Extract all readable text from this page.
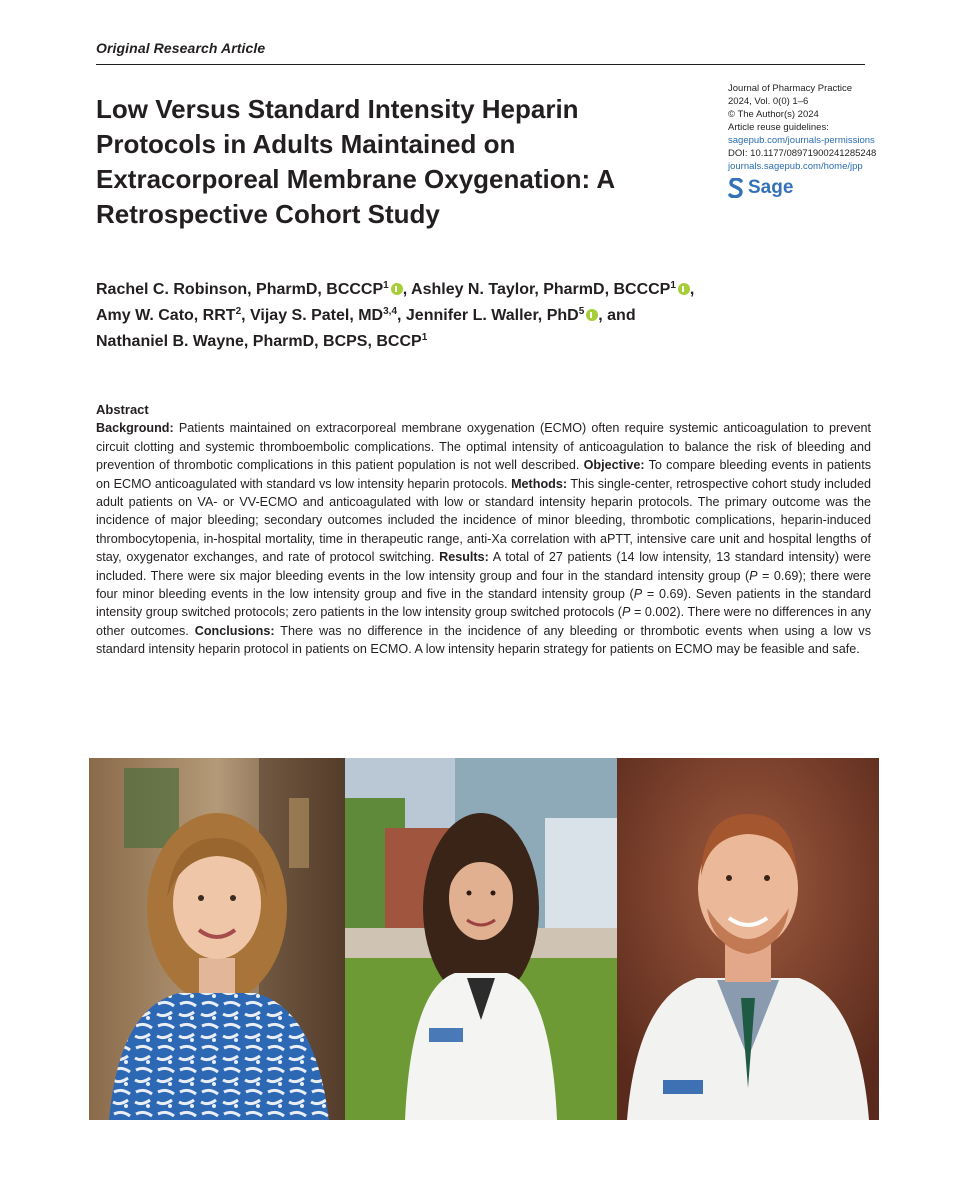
Original Research Article
Low Versus Standard Intensity Heparin
Protocols in Adults Maintained on
Extracorporeal Membrane Oxygenation: A
Retrospective Cohort Study
Journal of Pharmacy Practice
2024, Vol. 0(0) 1–6
© The Author(s) 2024
Article reuse guidelines:
sagepub.com/journals-permissions
DOI: 10.1177/08971900241285248
journals.sagepub.com/home/jpp
Sage
Rachel C. Robinson, PharmD, BCCCP$^1$ , Ashley N. Taylor, PharmD, BCCCP$^1$ ,
Amy W. Cato, RRT$^2$, Vijay S. Patel, MD$^{3,4}$, Jennifer L. Waller, PhD$^5$ , and
Nathaniel B. Wayne, PharmD, BCPS, BCCP$^1$
Abstract

Background: Patients maintained on extracorporeal membrane oxygenation (ECMO) often require systemic anticoagulation to prevent circuit clotting and systemic thromboembolic complications. The optimal intensity of anticoagulation to balance the risk of bleeding and prevention of thrombotic complications in this patient population is not well described. Objective: To compare bleeding events in patients on ECMO anticoagulated with standard vs low intensity heparin protocols. Methods: This single-center, retrospective cohort study included adult patients on VA- or VV-ECMO and anticoagulated with low or standard intensity heparin protocols. The primary outcome was the incidence of major bleeding; secondary outcomes included the incidence of minor bleeding, thrombotic complications, heparin-induced thrombocytopenia, in-hospital mortality, time in therapeutic range, anti-Xa correlation with aPTT, intensive care unit and hospital lengths of stay, oxygenator exchanges, and rate of protocol switching. Results: A total of 27 patients (14 low intensity, 13 standard intensity) were included. There were six major bleeding events in the low intensity group and four in the standard intensity group (P = 0.69); there were four minor bleeding events in the low intensity group and five in the standard intensity group (P = 0.69). Seven patients in the standard intensity group switched protocols; zero patients in the low intensity group switched protocols (P = 0.002). There were no differences in any other outcomes. Conclusions: There was no difference in the incidence of any bleeding or thrombotic events when using a low vs standard intensity heparin protocol in patients on ECMO. A low intensity heparin strategy for patients on ECMO may be feasible and safe.
